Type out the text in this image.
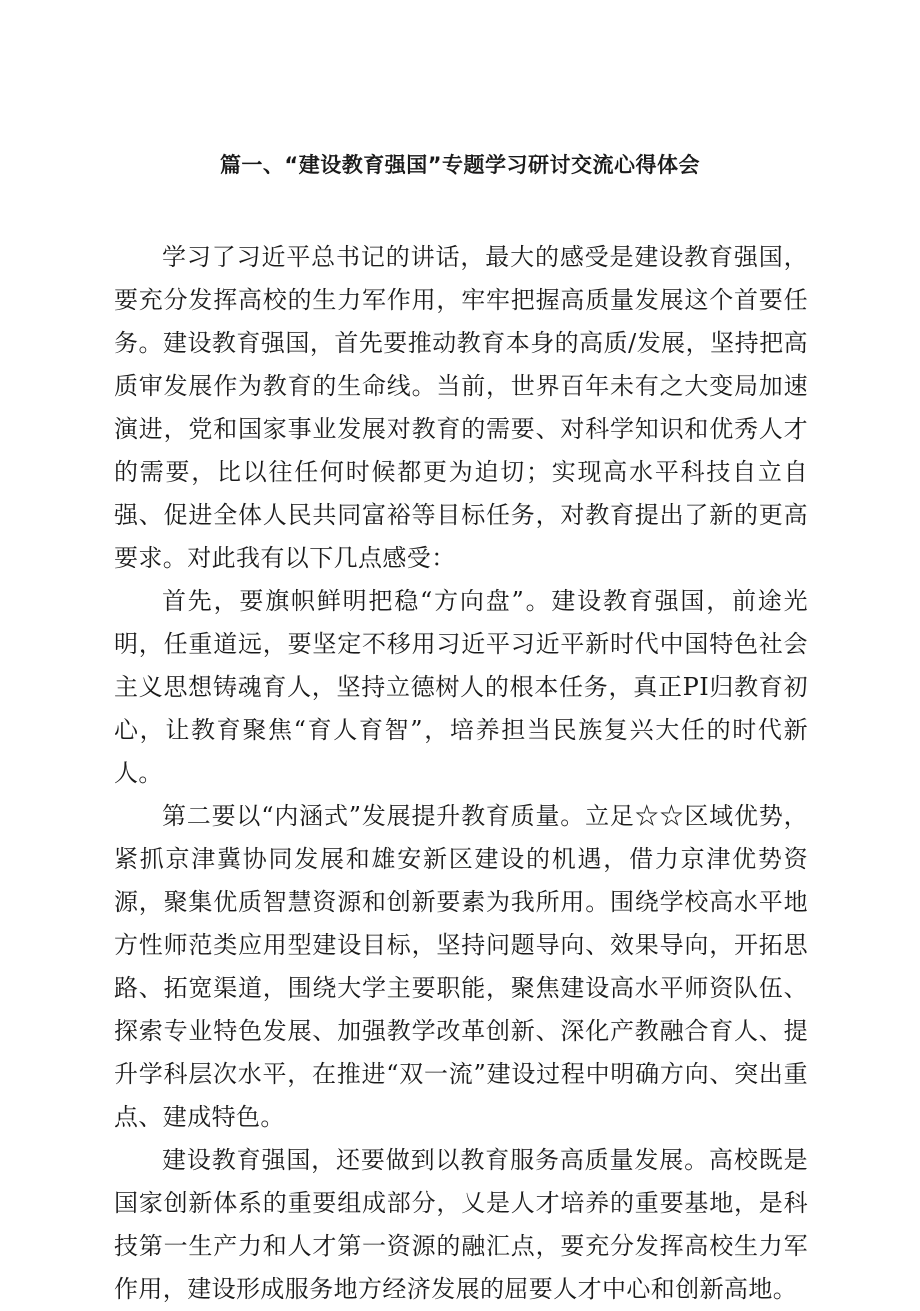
篇一、“建设教育强国”专题学习研讨交流心得体会

学习了习近平总书记的讲话，最大的感受是建设教育强国，要充分发挥高校的生力军作用，牢牢把握高质量发展这个首要任务。建设教育强国，首先要推动教育本身的高质/发展，坚持把高质审发展作为教育的生命线。当前，世界百年未有之大变局加速演进，党和国家事业发展对教育的需要、对科学知识和优秀人才的需要，比以往任何时候都更为迫切；实现高水平科技自立自强、促进全体人民共同富裕等目标任务，对教育提出了新的更高要求。对此我有以下几点感受：

首先，要旗帜鲜明把稳“方向盘”。建设教育强国，前途光明，任重道远，要坚定不移用习近平习近平新时代中国特色社会主义思想铸魂育人，坚持立德树人的根本任务，真正PI归教育初心，让教育聚焦“育人育智”，培养担当民族复兴大任的时代新人。

第二要以“内涵式”发展提升教育质量。立足☆☆区域优势，紧抓京津冀协同发展和雄安新区建设的机遇，借力京津优势资源，聚集优质智慧资源和创新要素为我所用。围绕学校高水平地方性师范类应用型建设目标，坚持问题导向、效果导向，开拓思路、拓宽渠道，围绕大学主要职能，聚焦建设高水平师资队伍、探索专业特色发展、加强教学改革创新、深化产教融合育人、提升学科层次水平，在推进“双一流”建设过程中明确方向、突出重点、建成特色。

建设教育强国，还要做到以教育服务高质量发展。高校既是国家创新体系的重要组成部分，乂是人才培养的重要基地，是科技第一生产力和人才第一资源的融汇点，要充分发挥高校生力军作用，建设形成服务地方经济发展的屈要人才中心和创新高地。
